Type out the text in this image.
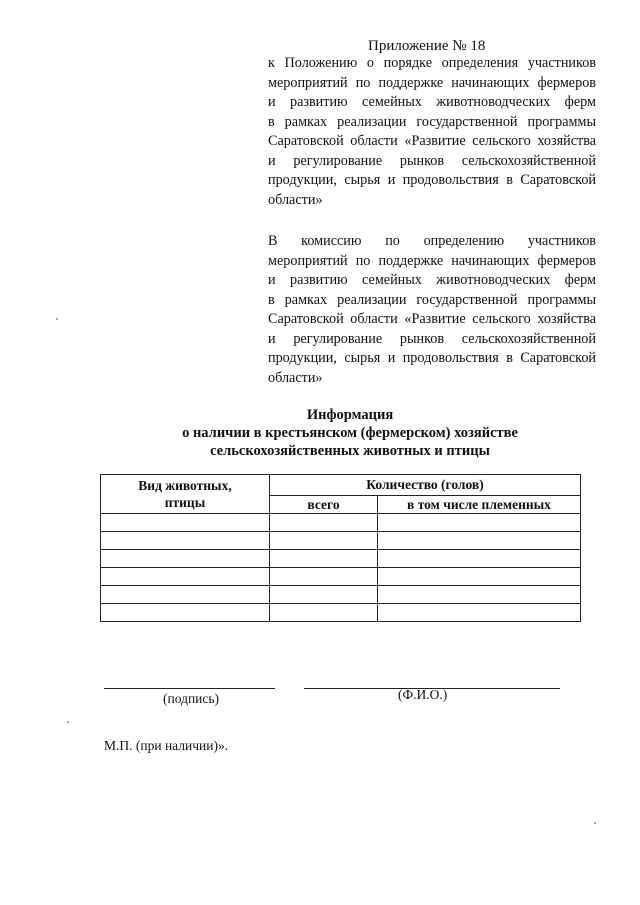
Приложение № 18
к Положению о порядке определения участников
мероприятий по поддержке начинающих фермеров
и развитию семейных животноводческих ферм
в рамках реализации государственной программы
Саратовской области «Развитие сельского хозяйства
и регулирование рынков сельскохозяйственной
продукции, сырья и продовольствия в Саратовской
области»
В комиссию по определению участников
мероприятий по поддержке начинающих фермеров
и развитию семейных животноводческих ферм
в рамках реализации государственной программы
Саратовской области «Развитие сельского хозяйства
и регулирование рынков сельскохозяйственной
продукции, сырья и продовольствия в Саратовской
области»
Информация
о наличии в крестьянском (фермерском) хозяйстве
сельскохозяйственных животных и птицы
Вид животных,
птицы	Количество (голов)	
	всего	в том числе племенных

(подпись)	(Ф.И.О.)
М.П. (при наличии)».
